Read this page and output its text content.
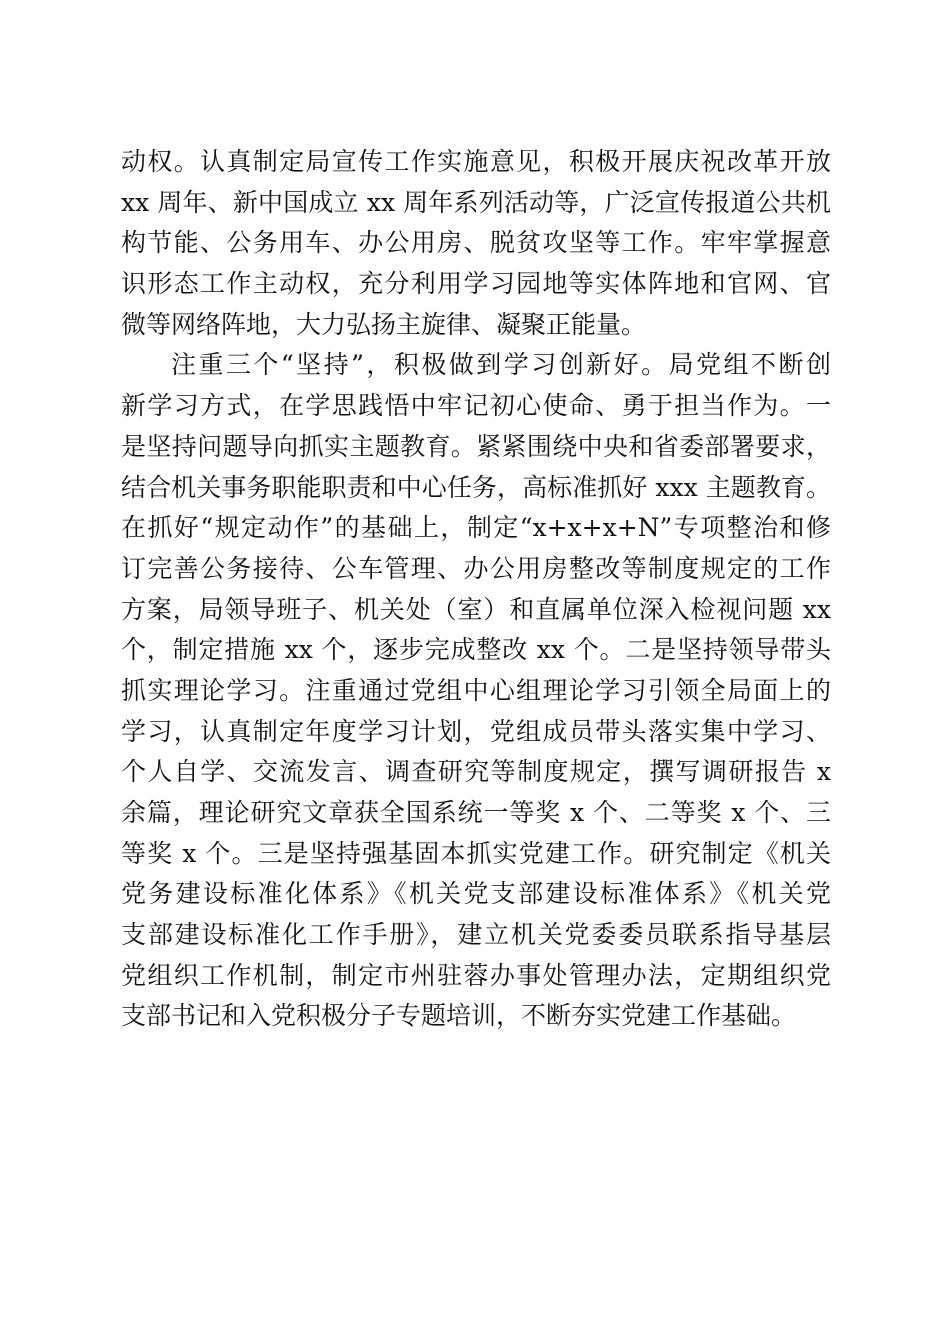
动权。认真制定局宣传工作实施意见，积极开展庆祝改革开放
xx 周年、新中国成立 xx 周年系列活动等，广泛宣传报道公共机
构节能、公务用车、办公用房、脱贫攻坚等工作。牢牢掌握意
识形态工作主动权，充分利用学习园地等实体阵地和官网、官
微等网络阵地，大力弘扬主旋律、凝聚正能量。
注重三个“坚持”，积极做到学习创新好。局党组不断创
新学习方式，在学思践悟中牢记初心使命、勇于担当作为。一
是坚持问题导向抓实主题教育。紧紧围绕中央和省委部署要求，
结合机关事务职能职责和中心任务，高标准抓好 xxx 主题教育。
在抓好“规定动作”的基础上，制定“x+x+x+N”专项整治和修
订完善公务接待、公车管理、办公用房整改等制度规定的工作
方案，局领导班子、机关处（室）和直属单位深入检视问题 xx
个，制定措施 xx 个，逐步完成整改 xx 个。二是坚持领导带头
抓实理论学习。注重通过党组中心组理论学习引领全局面上的
学习，认真制定年度学习计划，党组成员带头落实集中学习、
个人自学、交流发言、调查研究等制度规定，撰写调研报告 x
余篇，理论研究文章获全国系统一等奖 x 个、二等奖 x 个、三
等奖 x 个。三是坚持强基固本抓实党建工作。研究制定《机关
党务建设标准化体系》《机关党支部建设标准体系》《机关党
支部建设标准化工作手册》，建立机关党委委员联系指导基层
党组织工作机制，制定市州驻蓉办事处管理办法，定期组织党
支部书记和入党积极分子专题培训，不断夯实党建工作基础。
